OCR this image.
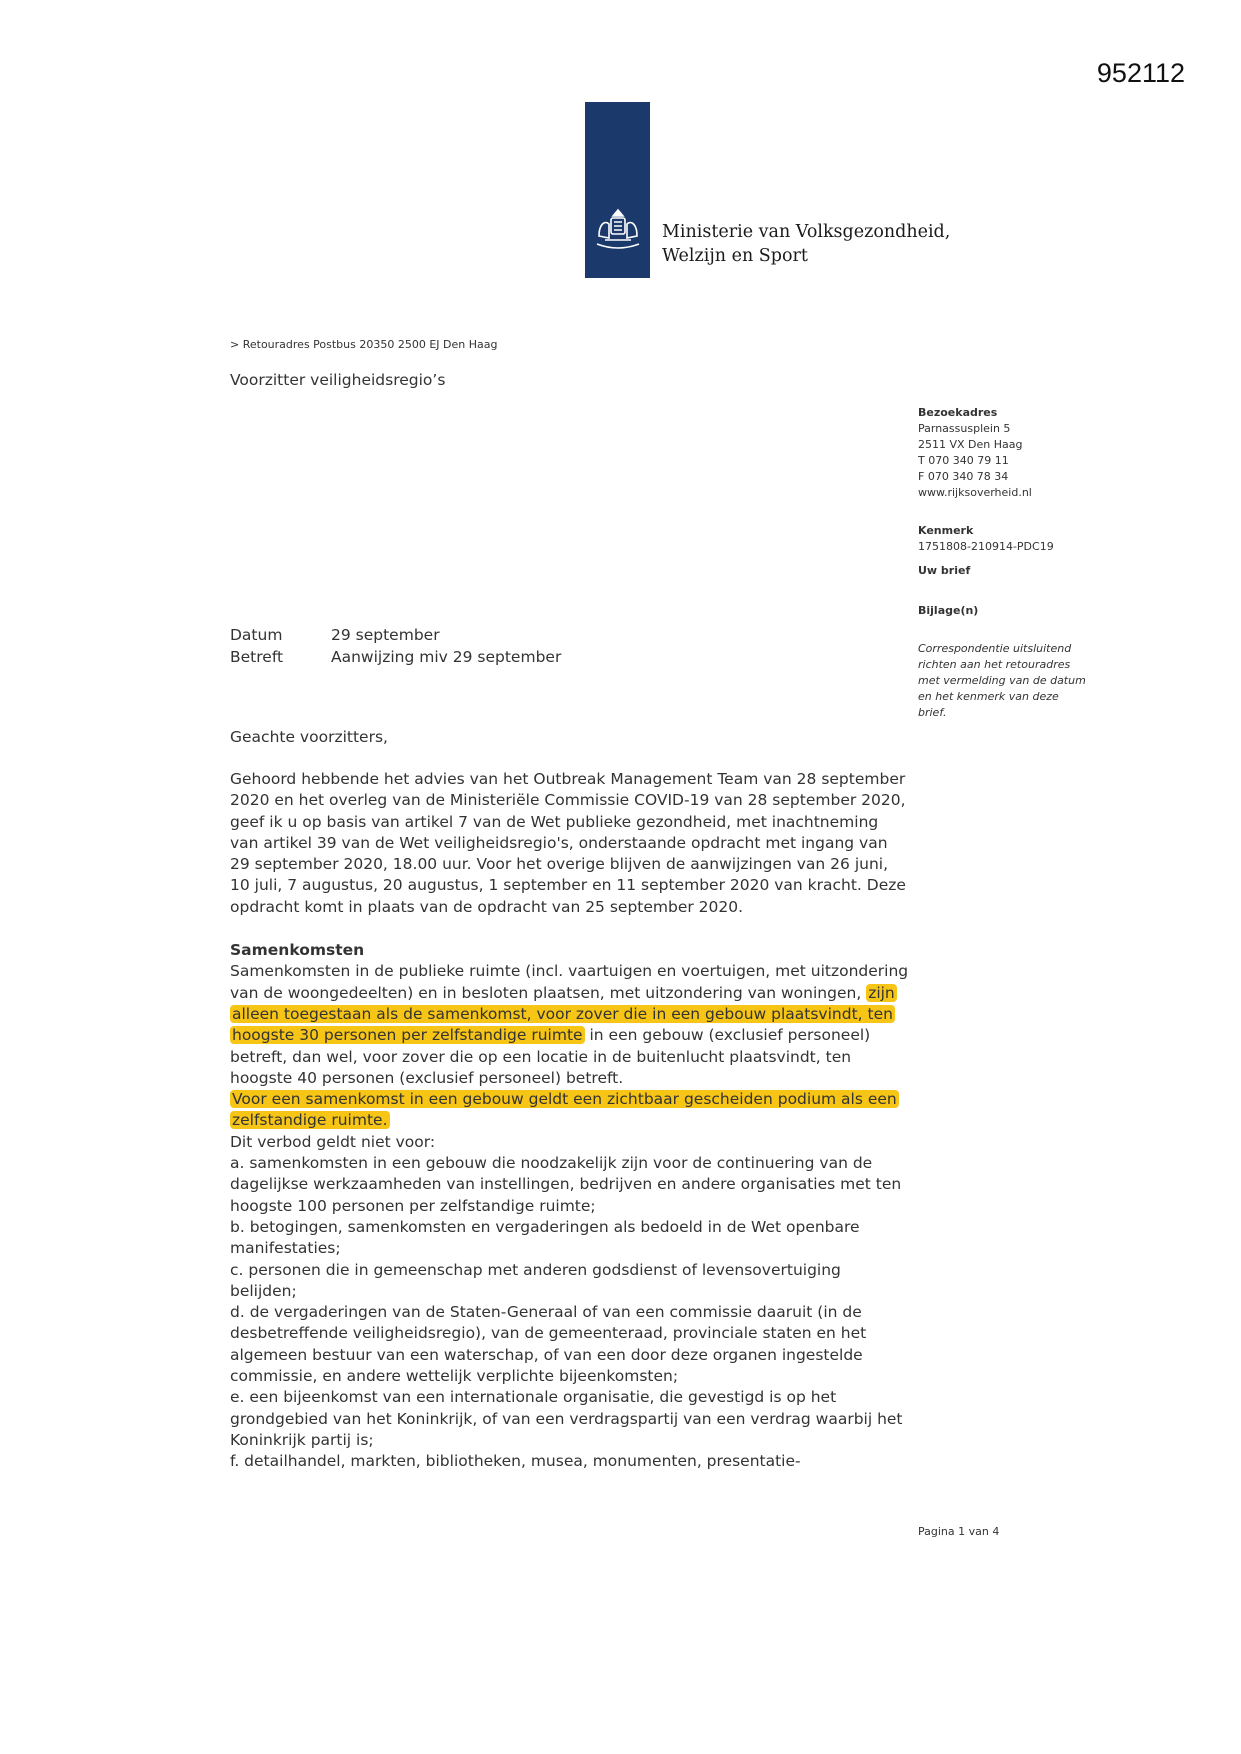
952112
Ministerie van Volksgezondheid,
Welzijn en Sport
> Retouradres Postbus 20350 2500 EJ Den Haag
Voorzitter veiligheidsregio’s
Bezoekadres
Parnassusplein 5
2511 VX Den Haag
T 070 340 79 11
F 070 340 78 34
www.rijksoverheid.nl
Kenmerk
1751808-210914-PDC19
Uw brief
Bijlage(n)
Correspondentie uitsluitend richten aan het retouradres met vermelding van de datum en het kenmerk van deze brief.
Datum	29 september
Betreft	Aanwijzing miv 29 september
Geachte voorzitters,

Gehoord hebbende het advies van het Outbreak Management Team van 28 september 2020 en het overleg van de Ministeriële Commissie COVID-19 van 28 september 2020, geef ik u op basis van artikel 7 van de Wet publieke gezondheid, met inachtneming van artikel 39 van de Wet veiligheidsregio's, onderstaande opdracht met ingang van 29 september 2020, 18.00 uur. Voor het overige blijven de aanwijzingen van 26 juni, 10 juli, 7 augustus, 20 augustus, 1 september en 11 september 2020 van kracht. Deze opdracht komt in plaats van de opdracht van 25 september 2020.

Samenkomsten

Samenkomsten in de publieke ruimte (incl. vaartuigen en voertuigen, met uitzondering van de woongedeelten) en in besloten plaatsen, met uitzondering van woningen, zijn alleen toegestaan als de samenkomst, voor zover die in een gebouw plaatsvindt, ten hoogste 30 personen per zelfstandige ruimte in een gebouw (exclusief personeel) betreft, dan wel, voor zover die op een locatie in de buitenlucht plaatsvindt, ten hoogste 40 personen (exclusief personeel) betreft.
Voor een samenkomst in een gebouw geldt een zichtbaar gescheiden podium als een zelfstandige ruimte.

Dit verbod geldt niet voor:

a. samenkomsten in een gebouw die noodzakelijk zijn voor de continuering van de dagelijkse werkzaamheden van instellingen, bedrijven en andere organisaties met ten hoogste 100 personen per zelfstandige ruimte;

b. betogingen, samenkomsten en vergaderingen als bedoeld in de Wet openbare manifestaties;

c. personen die in gemeenschap met anderen godsdienst of levensovertuiging belijden;

d. de vergaderingen van de Staten-Generaal of van een commissie daaruit (in de desbetreffende veiligheidsregio), van de gemeenteraad, provinciale staten en het algemeen bestuur van een waterschap, of van een door deze organen ingestelde commissie, en andere wettelijk verplichte bijeenkomsten;

e. een bijeenkomst van een internationale organisatie, die gevestigd is op het grondgebied van het Koninkrijk, of van een verdragspartij van een verdrag waarbij het Koninkrijk partij is;

f. detailhandel, markten, bibliotheken, musea, monumenten, presentatie-

Pagina 1 van 4
